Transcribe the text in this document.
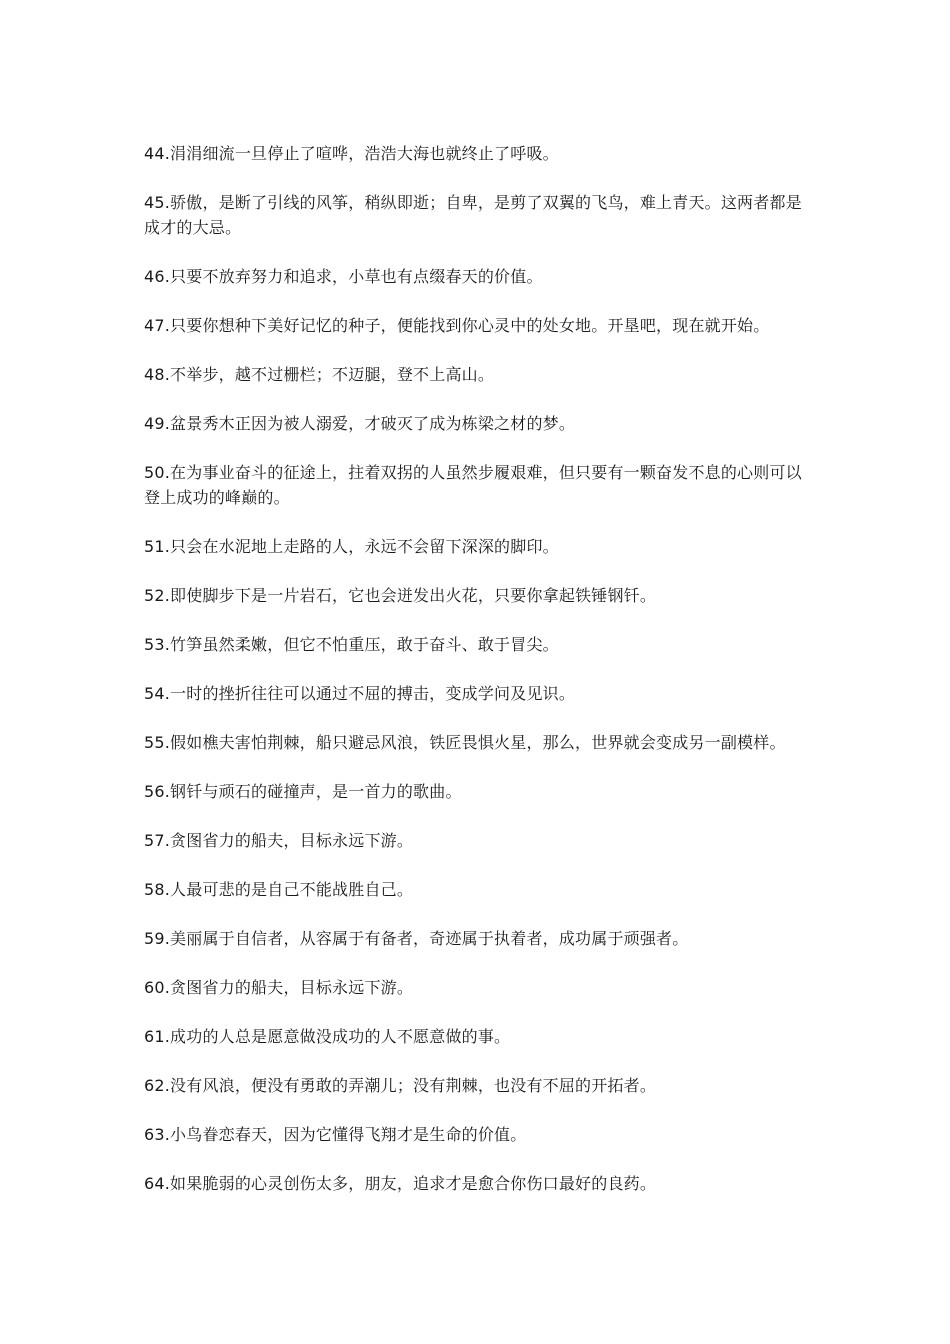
44.涓涓细流一旦停止了喧哗，浩浩大海也就终止了呼吸。

45.骄傲，是断了引线的风筝，稍纵即逝；自卑，是剪了双翼的飞鸟，难上青天。这两者都是成才的大忌。

46.只要不放弃努力和追求，小草也有点缀春天的价值。

47.只要你想种下美好记忆的种子，便能找到你心灵中的处女地。开垦吧，现在就开始。

48.不举步，越不过栅栏；不迈腿，登不上高山。

49.盆景秀木正因为被人溺爱，才破灭了成为栋梁之材的梦。

50.在为事业奋斗的征途上，拄着双拐的人虽然步履艰难，但只要有一颗奋发不息的心则可以登上成功的峰巅的。

51.只会在水泥地上走路的人，永远不会留下深深的脚印。

52.即使脚步下是一片岩石，它也会迸发出火花，只要你拿起铁锤钢钎。

53.竹笋虽然柔嫩，但它不怕重压，敢于奋斗、敢于冒尖。

54.一时的挫折往往可以通过不屈的搏击，变成学问及见识。

55.假如樵夫害怕荆棘，船只避忌风浪，铁匠畏惧火星，那么，世界就会变成另一副模样。

56.钢钎与顽石的碰撞声，是一首力的歌曲。

57.贪图省力的船夫，目标永远下游。

58.人最可悲的是自己不能战胜自己。

59.美丽属于自信者，从容属于有备者，奇迹属于执着者，成功属于顽强者。

60.贪图省力的船夫，目标永远下游。

61.成功的人总是愿意做没成功的人不愿意做的事。

62.没有风浪，便没有勇敢的弄潮儿；没有荆棘，也没有不屈的开拓者。

63.小鸟眷恋春天，因为它懂得飞翔才是生命的价值。

64.如果脆弱的心灵创伤太多，朋友，追求才是愈合你伤口最好的良药。
